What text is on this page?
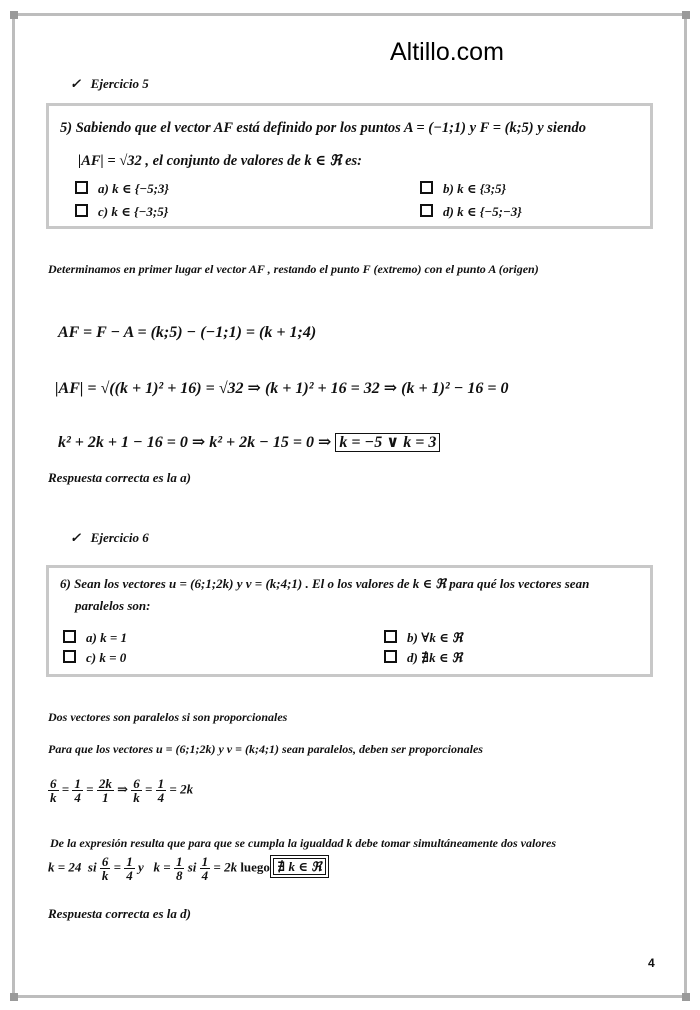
Altillo.com
✓ Ejercicio 5
5) Sabiendo que el vector AF está definido por los puntos A = (−1;1) y F = (k;5) y siendo
|AF| = √32 , el conjunto de valores de k ∈ ℜ es:
a) k ∈ {−5;3}	b) k ∈ {3;5}
c) k ∈ {−3;5}	d) k ∈ {−5;−3}
Determinamos en primer lugar el vector AF , restando el punto F (extremo) con el punto A (origen)
AF = F − A = (k;5) − (−1;1) = (k + 1;4)
|AF| = √((k + 1)² + 16) = √32 ⇒ (k + 1)² + 16 = 32 ⇒ (k + 1)² − 16 = 0
k² + 2k + 1 − 16 = 0 ⇒ k² + 2k − 15 = 0 ⇒ k = −5 ∨ k = 3
Respuesta correcta es la a)
✓ Ejercicio 6
6) Sean los vectores u = (6;1;2k) y v = (k;4;1) . El o los valores de k ∈ ℜ para qué los vectores sean
paralelos son:
a) k = 1	b) ∀k ∈ ℜ
c) k = 0	d) ∄k ∈ ℜ
Dos vectores son paralelos si son proporcionales
Para que los vectores u = (6;1;2k) y v = (k;4;1) sean paralelos, deben ser proporcionales
$\frac{6}{k} = \frac{1}{4} = \frac{2k}{1}$ ⇒ $\frac{6}{k} = \frac{1}{4} = 2k$
De la expresión resulta que para que se cumpla la igualdad k debe tomar simultáneamente dos valores
k = 24 si $\frac{6}{k} = \frac{1}{4}$ y $k = \frac{1}{8}$ si $\frac{1}{4} = 2k$ luego ∄ k ∈ ℜ
Respuesta correcta es la d)
4
